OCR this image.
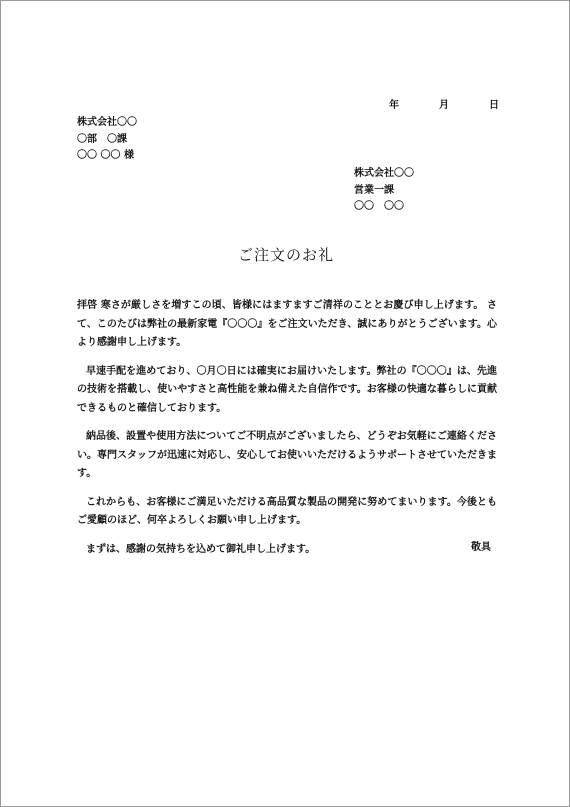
年	月	日
株式会社〇〇
〇部　〇課
〇〇 〇〇 様
株式会社〇〇
営業一課
〇〇　〇〇
ご注文のお礼

拝啓 寒さが厳しさを増すこの頃、皆様にはますますご清祥のこととお慶び申し上げます。 さて、このたびは弊社の最新家電『〇〇〇』をご注文いただき、誠にありがとうございます。心より感謝申し上げます。

早速手配を進めており、〇月〇日には確実にお届けいたします。弊社の『〇〇〇』は、先進の技術を搭載し、使いやすさと高性能を兼ね備えた自信作です。お客様の快適な暮らしに貢献できるものと確信しております。

納品後、設置や使用方法についてご不明点がございましたら、どうぞお気軽にご連絡ください。専門スタッフが迅速に対応し、安心してお使いいただけるようサポートさせていただきます。

これからも、お客様にご満足いただける高品質な製品の開発に努めてまいります。今後ともご愛顧のほど、何卒よろしくお願い申し上げます。

まずは、感謝の気持ちを込めて御礼申し上げます。	敬具
